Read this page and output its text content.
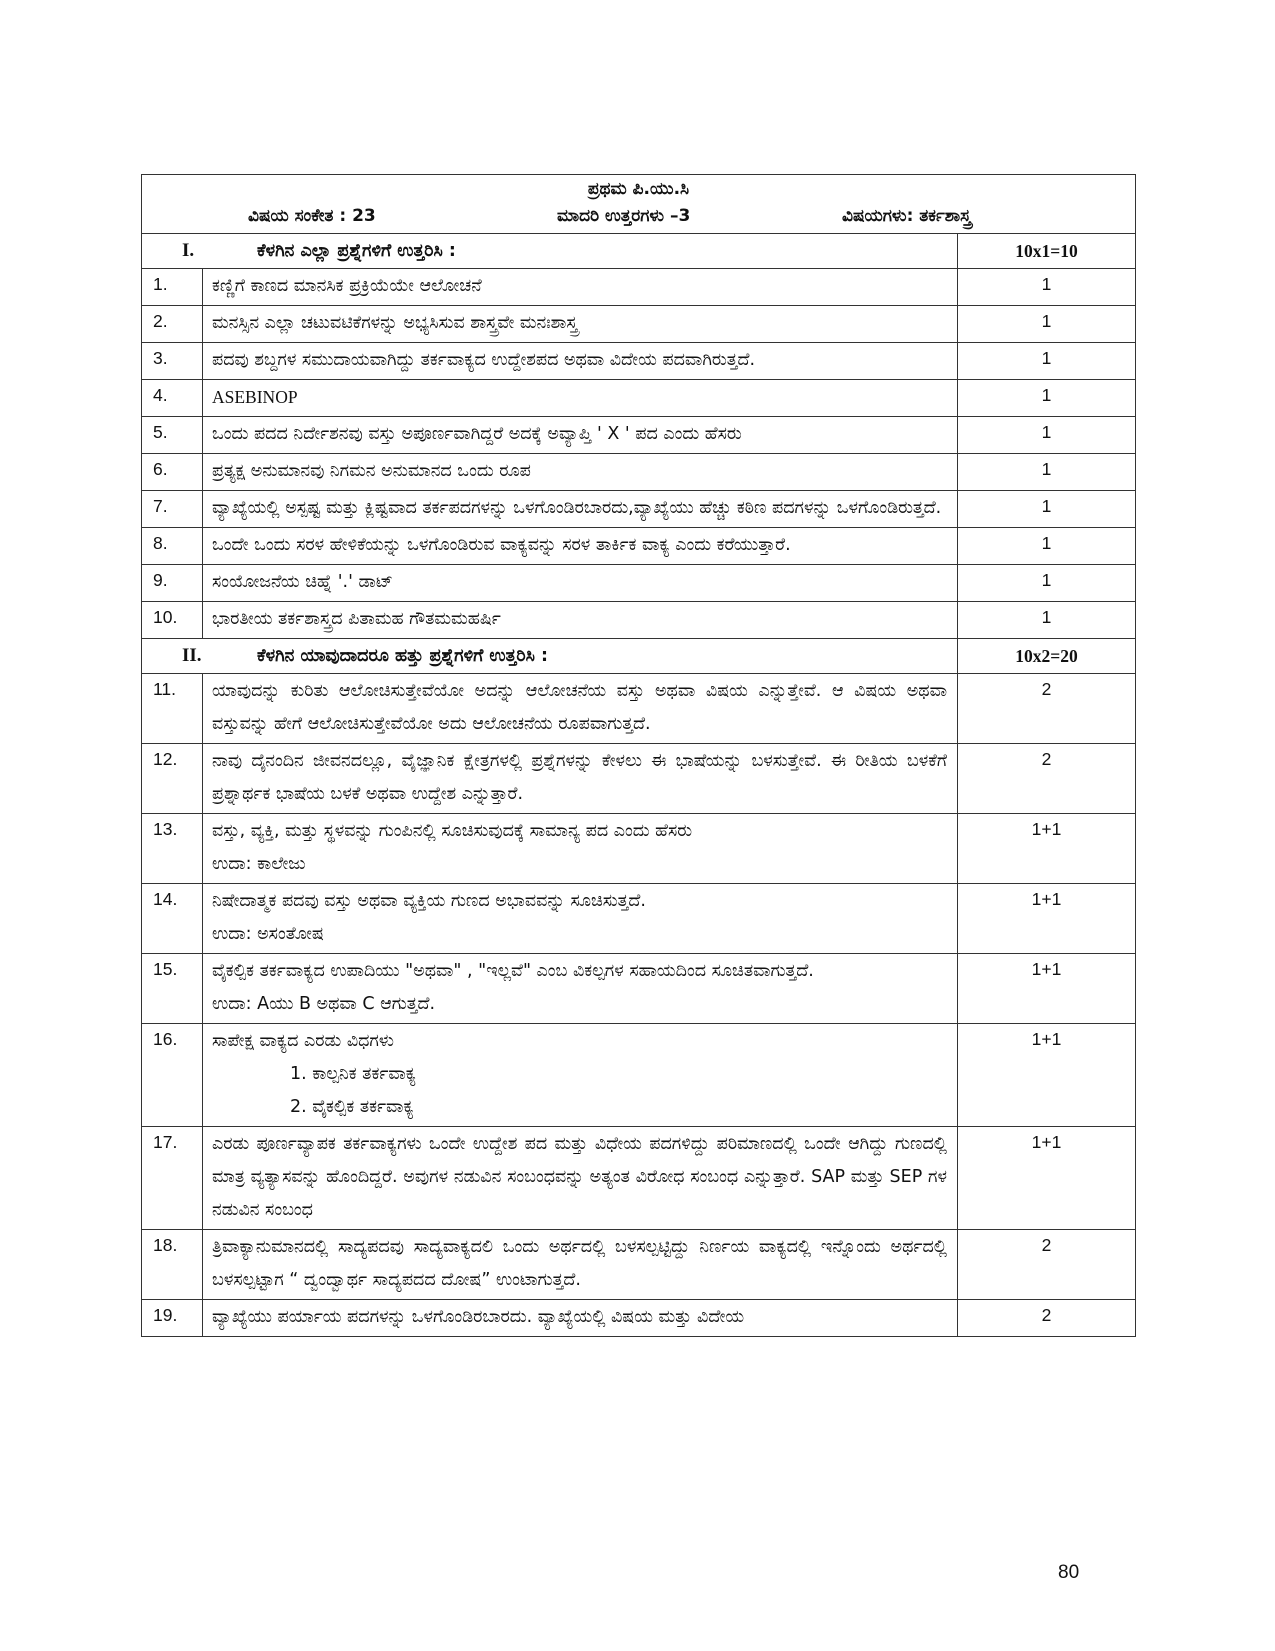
ಪ್ರಥಮ ಪಿ.ಯು.ಸಿ
ವಿಷಯ ಸಂಕೇತ : 23 ಮಾದರಿ ಉತ್ತರಗಳು –3 ವಿಷಯಗಳು: ತರ್ಕಶಾಸ್ತ್ರ		

I. ಕೆಳಗಿನ ಎಲ್ಲಾ ಪ್ರಶ್ನೆಗಳಿಗೆ ಉತ್ತರಿಸಿ :		10x1=10
1.	ಕಣ್ಣಿಗೆ ಕಾಣದ ಮಾನಸಿಕ ಪ್ರಕ್ರಿಯೆಯೇ ಆಲೋಚನೆ	1
2.	ಮನಸ್ಸಿನ ಎಲ್ಲಾ ಚಟುವಟಿಕೆಗಳನ್ನು ಅಭ್ಯಸಿಸುವ ಶಾಸ್ತ್ರವೇ ಮನಃಶಾಸ್ತ್ರ	1
3.	ಪದವು ಶಬ್ದಗಳ ಸಮುದಾಯವಾಗಿದ್ದು ತರ್ಕವಾಕ್ಯದ ಉದ್ದೇಶಪದ ಅಥವಾ ವಿದೇಯ ಪದವಾಗಿರುತ್ತದೆ.	1
4.	ASEBINOP	1
5.	ಒಂದು ಪದದ ನಿರ್ದೇಶನವು ವಸ್ತು ಅಪೂರ್ಣವಾಗಿದ್ದರೆ ಅದಕ್ಕೆ ಅವ್ಯಾಪ್ತಿ ' X ' ಪದ ಎಂದು ಹೆಸರು	1
6.	ಪ್ರತ್ಯಕ್ಷ ಅನುಮಾನವು ನಿಗಮನ ಅನುಮಾನದ ಒಂದು ರೂಪ	1
7.	ವ್ಯಾಖ್ಯೆಯಲ್ಲಿ ಅಸ್ಪಷ್ಟ ಮತ್ತು ಕ್ಲಿಷ್ಟವಾದ ತರ್ಕಪದಗಳನ್ನು ಒಳಗೊಂಡಿರಬಾರದು,ವ್ಯಾಖ್ಯೆಯು ಹೆಚ್ಚು ಕಠಿಣ ಪದಗಳನ್ನು ಒಳಗೊಂಡಿರುತ್ತದೆ.	1
8.	ಒಂದೇ ಒಂದು ಸರಳ ಹೇಳಿಕೆಯನ್ನು ಒಳಗೊಂಡಿರುವ ವಾಕ್ಯವನ್ನು ಸರಳ ತಾರ್ಕಿಕ ವಾಕ್ಯ ಎಂದು ಕರೆಯುತ್ತಾರೆ.	1
9.	ಸಂಯೋಜನೆಯ ಚಿಹ್ನೆ '.' ಡಾಟ್	1
10.	ಭಾರತೀಯ ತರ್ಕಶಾಸ್ತ್ರದ ಪಿತಾಮಹ ಗೌತಮಮಹರ್ಷಿ	1
II. ಕೆಳಗಿನ ಯಾವುದಾದರೂ ಹತ್ತು ಪ್ರಶ್ನೆಗಳಿಗೆ ಉತ್ತರಿಸಿ :		10x2=20
11.	ಯಾವುದನ್ನು ಕುರಿತು ಆಲೋಚಿಸುತ್ತೇವೆಯೋ ಅದನ್ನು ಆಲೋಚನೆಯ ವಸ್ತು ಅಥವಾ ವಿಷಯ ಎನ್ನುತ್ತೇವೆ. ಆ ವಿಷಯ ಅಥವಾ ವಸ್ತುವನ್ನು ಹೇಗೆ ಆಲೋಚಿಸುತ್ತೇವೆಯೋ ಅದು ಆಲೋಚನೆಯ ರೂಪವಾಗುತ್ತದೆ.	2
12.	ನಾವು ದೈನಂದಿನ ಜೀವನದಲ್ಲೂ, ವೈಜ್ಞಾನಿಕ ಕ್ಷೇತ್ರಗಳಲ್ಲಿ ಪ್ರಶ್ನೆಗಳನ್ನು ಕೇಳಲು ಈ ಭಾಷೆಯನ್ನು ಬಳಸುತ್ತೇವೆ. ಈ ರೀತಿಯ ಬಳಕೆಗೆ ಪ್ರಶ್ನಾರ್ಥಕ ಭಾಷೆಯ ಬಳಕೆ ಅಥವಾ ಉದ್ದೇಶ ಎನ್ನುತ್ತಾರೆ.	2
13.	ವಸ್ತು, ವ್ಯಕ್ತಿ, ಮತ್ತು ಸ್ಥಳವನ್ನು ಗುಂಪಿನಲ್ಲಿ ಸೂಚಿಸುವುದಕ್ಕೆ ಸಾಮಾನ್ಯ ಪದ ಎಂದು ಹೆಸರು
ಉದಾ: ಕಾಲೇಜು	1+1
14.	ನಿಷೇದಾತ್ಮಕ ಪದವು ವಸ್ತು ಅಥವಾ ವ್ಯಕ್ತಿಯ ಗುಣದ ಅಭಾವವನ್ನು ಸೂಚಿಸುತ್ತದೆ.
ಉದಾ: ಅಸಂತೋಷ	1+1
15.	ವೈಕಲ್ಪಿಕ ತರ್ಕವಾಕ್ಯದ ಉಪಾದಿಯು "ಅಥವಾ" , "ಇಲ್ಲವೆ" ಎಂಬ ವಿಕಲ್ಪಗಳ ಸಹಾಯದಿಂದ ಸೂಚಿತವಾಗುತ್ತದೆ.
ಉದಾ: Aಯು B ಅಥವಾ C ಆಗುತ್ತದೆ.	1+1
16.	ಸಾಪೇಕ್ಷ ವಾಕ್ಯದ ಎರಡು ವಿಧಗಳು
1. ಕಾಲ್ಪನಿಕ ತರ್ಕವಾಕ್ಯ
2. ವೈಕಲ್ಪಿಕ ತರ್ಕವಾಕ್ಯ	1+1
17.	ಎರಡು ಪೂರ್ಣವ್ಯಾಪಕ ತರ್ಕವಾಕ್ಯಗಳು ಒಂದೇ ಉದ್ದೇಶ ಪದ ಮತ್ತು ವಿಧೇಯ ಪದಗಳಿದ್ದು ಪರಿಮಾಣದಲ್ಲಿ ಒಂದೇ ಆಗಿದ್ದು ಗುಣದಲ್ಲಿ ಮಾತ್ರ ವ್ಯತ್ಯಾಸವನ್ನು ಹೊಂದಿದ್ದರೆ. ಅವುಗಳ ನಡುವಿನ ಸಂಬಂಧವನ್ನು ಅತ್ಯಂತ ವಿರೋಧ ಸಂಬಂಧ ಎನ್ನುತ್ತಾರೆ. SAP ಮತ್ತು SEP ಗಳ ನಡುವಿನ ಸಂಬಂಧ	1+1
18.	ತ್ರಿವಾಕ್ಯಾನುಮಾನದಲ್ಲಿ ಸಾದ್ಯಪದವು ಸಾದ್ಯವಾಕ್ಯದಲಿ ಒಂದು ಅರ್ಥದಲ್ಲಿ ಬಳಸಲ್ಪಟ್ಟಿದ್ದು ನಿರ್ಣಯ ವಾಕ್ಯದಲ್ಲಿ ಇನ್ನೊಂದು ಅರ್ಥದಲ್ಲಿ ಬಳಸಲ್ಪಟ್ಟಾಗ “ ದ್ವಂದ್ವಾರ್ಥ ಸಾದ್ಯಪದದ ದೋಷ” ಉಂಟಾಗುತ್ತದೆ.	2
19.	ವ್ಯಾಖ್ಯೆಯು ಪರ್ಯಾಯ ಪದಗಳನ್ನು ಒಳಗೊಂಡಿರಬಾರದು. ವ್ಯಾಖ್ಯೆಯಲ್ಲಿ ವಿಷಯ ಮತ್ತು ವಿದೇಯ	2
80
